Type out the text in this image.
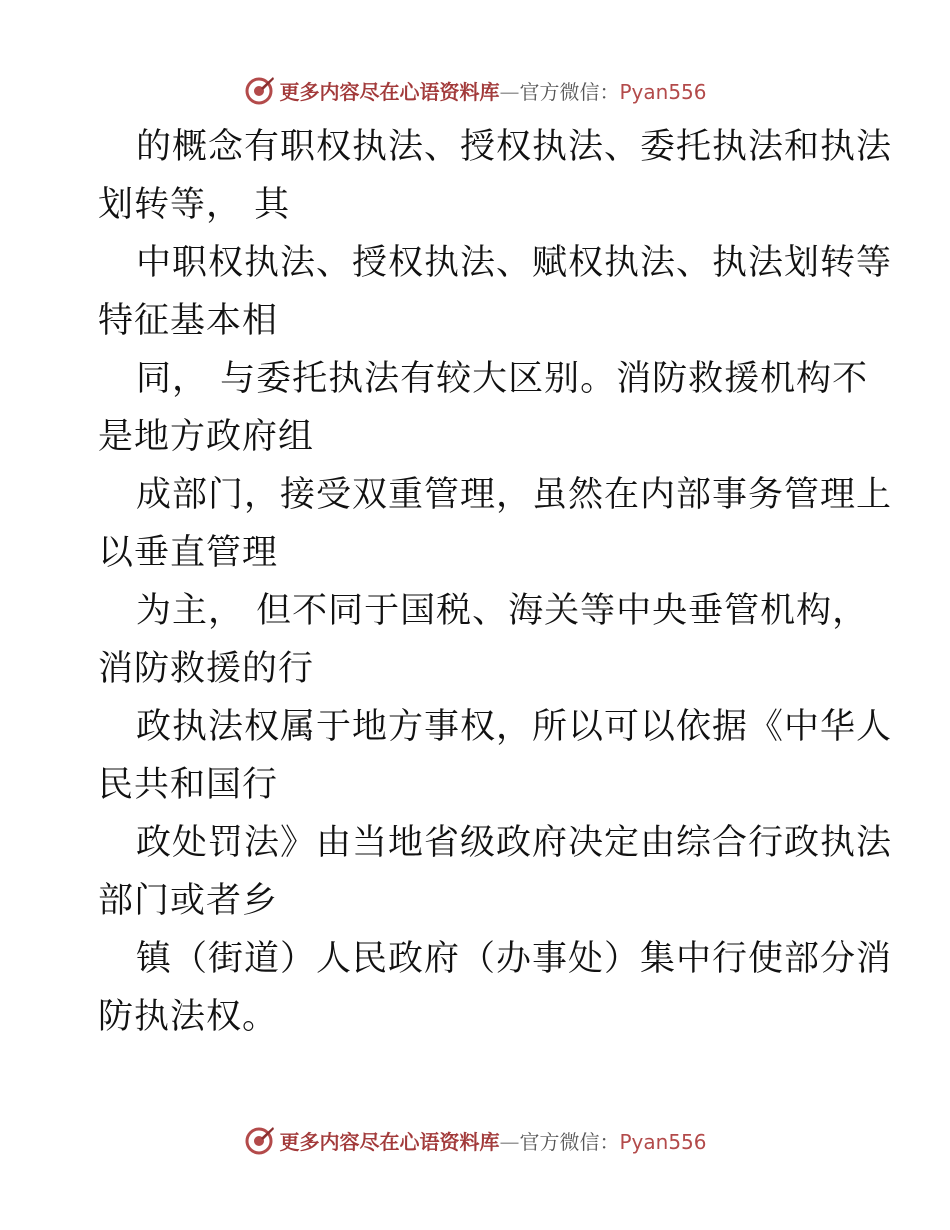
更多内容尽在心语资料库—官方微信：Pyan556
的概念有职权执法、授权执法、委托执法和执法
划转等， 其
中职权执法、授权执法、赋权执法、执法划转等
特征基本相
同， 与委托执法有较大区别。消防救援机构不
是地方政府组
成部门，接受双重管理，虽然在内部事务管理上
以垂直管理
为主， 但不同于国税、海关等中央垂管机构，
消防救援的行
政执法权属于地方事权，所以可以依据《中华人
民共和国行
政处罚法》由当地省级政府决定由综合行政执法
部门或者乡
镇（街道）人民政府（办事处）集中行使部分消
防执法权。
更多内容尽在心语资料库—官方微信：Pyan556
